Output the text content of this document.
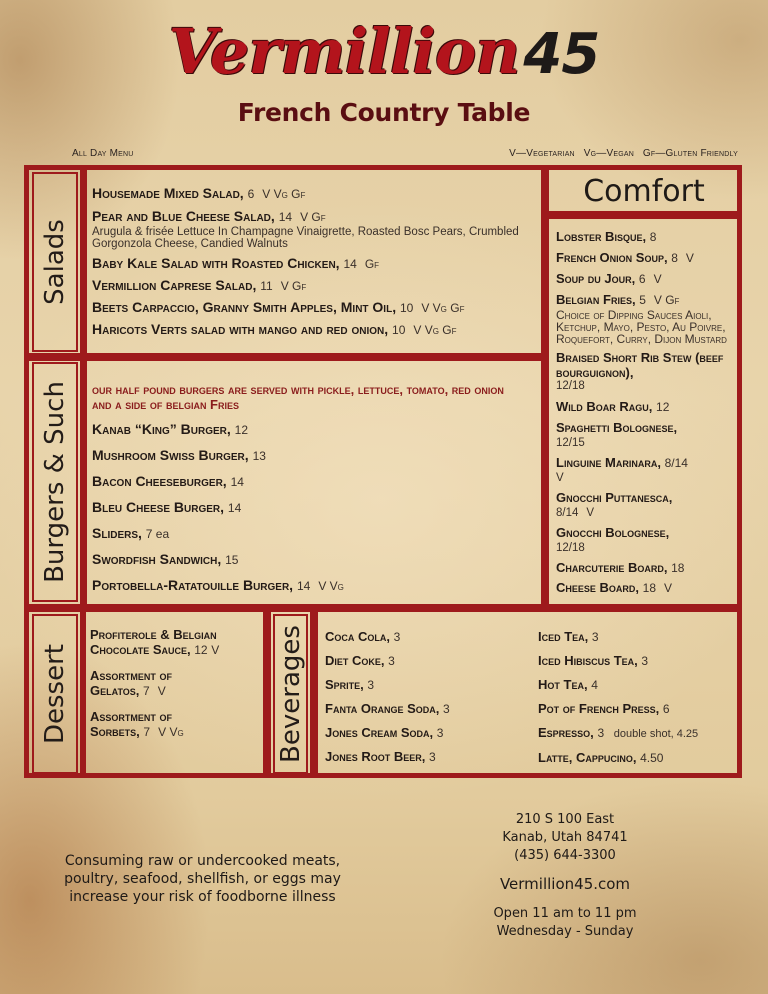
Vermillion45
French Country Table
All Day Menu	V—Vegetarian   Vg—Vegan   Gf—Gluten Friendly
Salads
Burgers & Such
Dessert	Beverages
Housemade Mixed Salad, 6 V Vg Gf
Pear and Blue Cheese Salad, 14 V Gf
Arugula & frisée Lettuce In Champagne Vinaigrette, Roasted Bosc Pears, Crumbled Gorgonzola Cheese, Candied Walnuts
Baby Kale Salad with Roasted Chicken, 14 Gf
Vermillion Caprese Salad, 11 V Gf
Beets Carpaccio, Granny Smith Apples, Mint Oil, 10 V Vg Gf
Haricots Verts salad with mango and red onion, 10 V Vg Gf
our half pound burgers are served with pickle, lettuce, tomato, red onion and a side of belgian Fries
Kanab “King” Burger, 12
Mushroom Swiss Burger, 13
Bacon Cheeseburger, 14
Bleu Cheese Burger, 14
Sliders, 7 ea
Swordfish Sandwich, 15
Portobella-Ratatouille Burger, 14 V Vg
Comfort
Lobster Bisque, 8
French Onion Soup, 8 V
Soup du Jour, 6 V
Belgian Fries, 5 V Gf
Choice of Dipping Sauces Aioli, Ketchup, Mayo, Pesto, Au Poivre, Roquefort, Curry, Dijon Mustard
Braised Short Rib Stew (beef bourguignon),
12/18
Wild Boar Ragu, 12
Spaghetti Bolognese,
12/15
Linguine Marinara, 8/14
V
Gnocchi Puttanesca,
8/14 V
Gnocchi Bolognese,
12/18
Charcuterie Board, 18
Cheese Board, 18 V
Profiterole & Belgian Chocolate Sauce, 12 V
Assortment of Gelatos, 7 V
Assortment of Sorbets, 7 V Vg
Coca Cola, 3
Diet Coke, 3
Sprite, 3
Fanta Orange Soda, 3
Jones Cream Soda, 3
Jones Root Beer, 3
Iced Tea, 3
Iced Hibiscus Tea, 3
Hot Tea, 4
Pot of French Press, 6
Espresso, 3 double shot, 4.25
Latte, Cappucino, 4.50
Consuming raw or undercooked meats,
poultry, seafood, shellfish, or eggs may
increase your risk of foodborne illness
210 S 100 East
Kanab, Utah 84741
(435) 644-3300
Vermillion45.com
Open 11 am to 11 pm
Wednesday - Sunday
